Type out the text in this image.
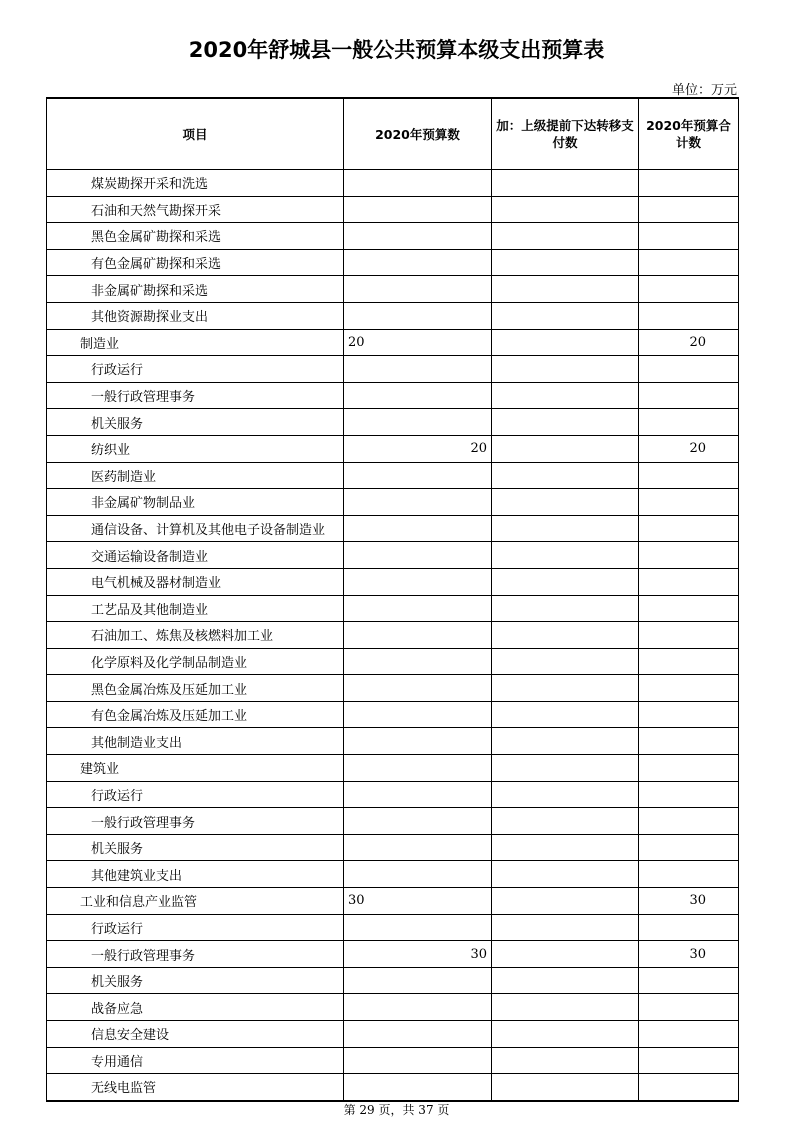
2020年舒城县一般公共预算本级支出预算表
单位：万元
项目	2020年预算数	加：上级提前下达转移支付数	2020年预算合计数
煤炭勘探开采和洗选			
石油和天然气勘探开采			
黑色金属矿勘探和采选			
有色金属矿勘探和采选			
非金属矿勘探和采选			
其他资源勘探业支出			
制造业	20		20
行政运行			
一般行政管理事务			
机关服务			
纺织业	20		20
医药制造业			
非金属矿物制品业			
通信设备、计算机及其他电子设备制造业			
交通运输设备制造业			
电气机械及器材制造业			
工艺品及其他制造业			
石油加工、炼焦及核燃料加工业			
化学原料及化学制品制造业			
黑色金属冶炼及压延加工业			
有色金属冶炼及压延加工业			
其他制造业支出			
建筑业			
行政运行			
一般行政管理事务			
机关服务			
其他建筑业支出			
工业和信息产业监管	30		30
行政运行			
一般行政管理事务	30		30
机关服务			
战备应急			
信息安全建设			
专用通信			
无线电监管			
第 29 页，共 37 页
